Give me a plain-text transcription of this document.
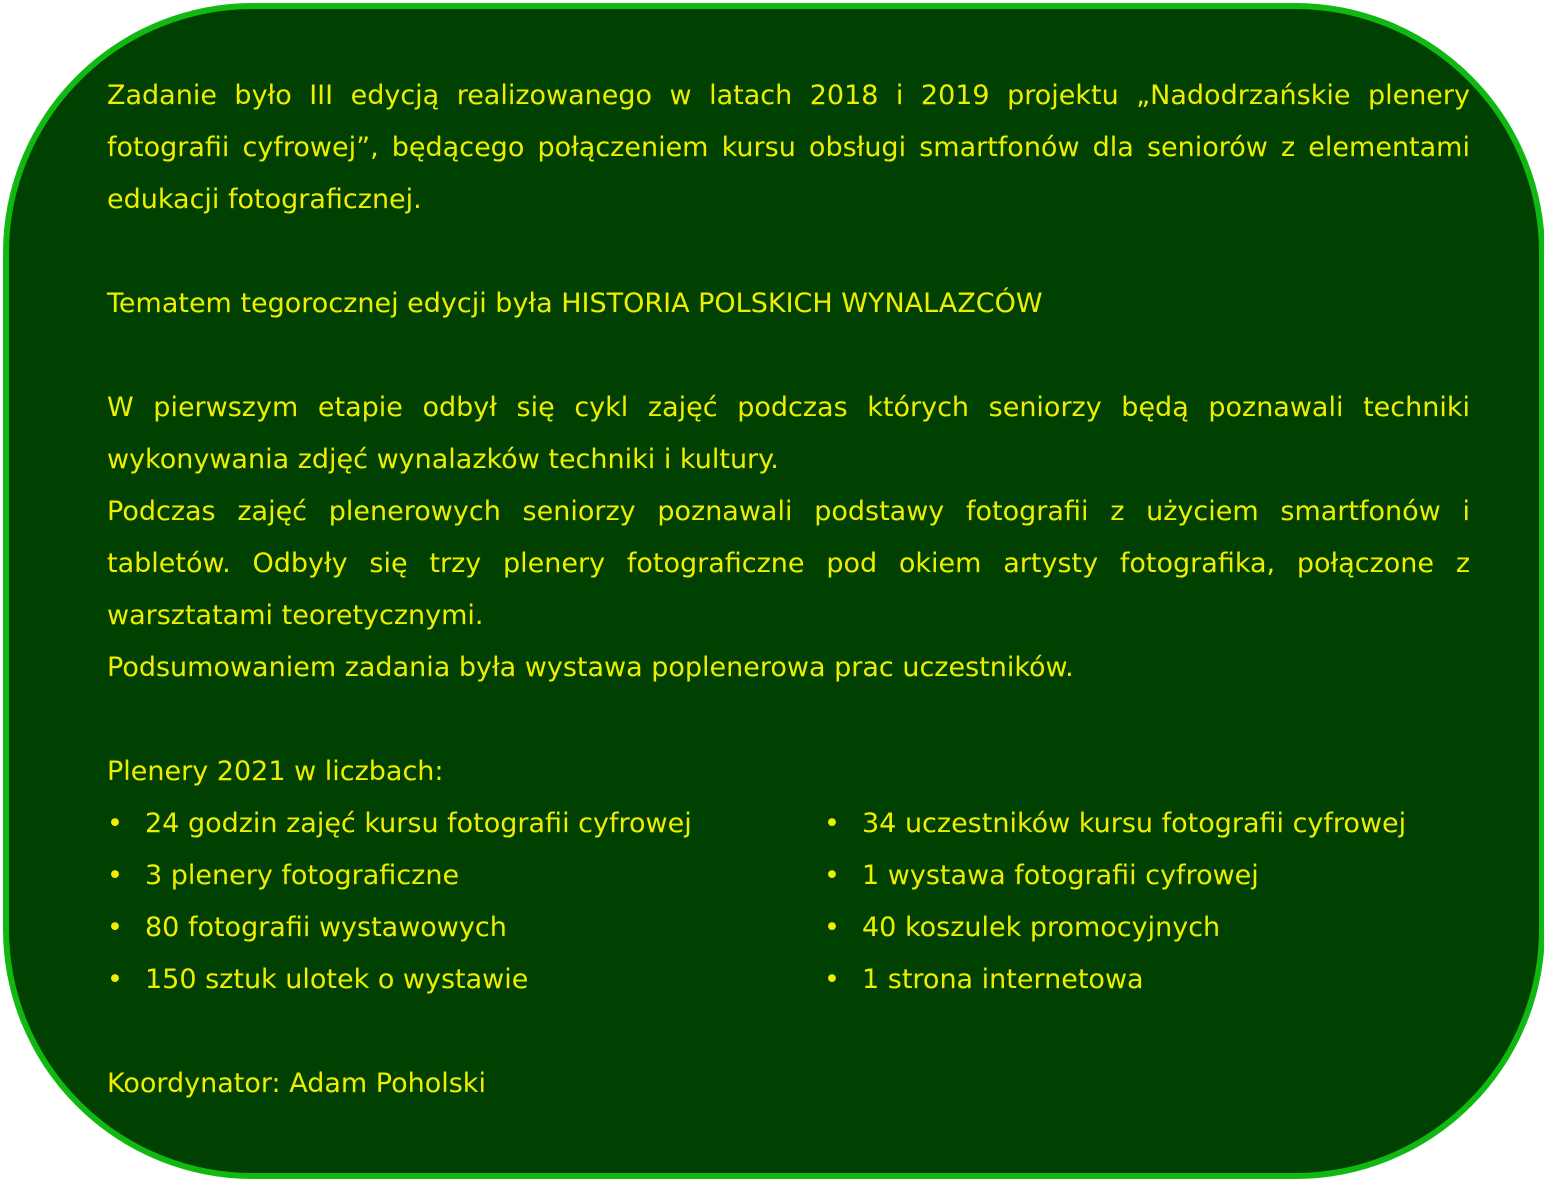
Zadanie było III edycją realizowanego w latach 2018 i 2019 projektu „Nadodrzańskie plenery fotografii cyfrowej”, będącego połączeniem kursu obsługi smartfonów dla seniorów z elementami edukacji fotograficznej.

Tematem tegorocznej edycji była HISTORIA POLSKICH WYNALAZCÓW

W pierwszym etapie odbył się cykl zajęć podczas których seniorzy będą poznawali techniki wykonywania zdjęć wynalazków techniki i kultury.

Podczas zajęć plenerowych seniorzy poznawali podstawy fotografii z użyciem smartfonów i tabletów. Odbyły się trzy plenery fotograficzne pod okiem artysty fotografika, połączone z warsztatami teoretycznymi.

Podsumowaniem zadania była wystawa poplenerowa prac uczestników.

Plenery 2021 w liczbach:

• 24 godzin zajęć kursu fotografii cyfrowej
• 3 plenery fotograficzne
• 80 fotografii wystawowych
• 150 sztuk ulotek o wystawie
• 34 uczestników kursu fotografii cyfrowej
• 1 wystawa fotografii cyfrowej
• 40 koszulek promocyjnych
• 1 strona internetowa

Koordynator: Adam Poholski
